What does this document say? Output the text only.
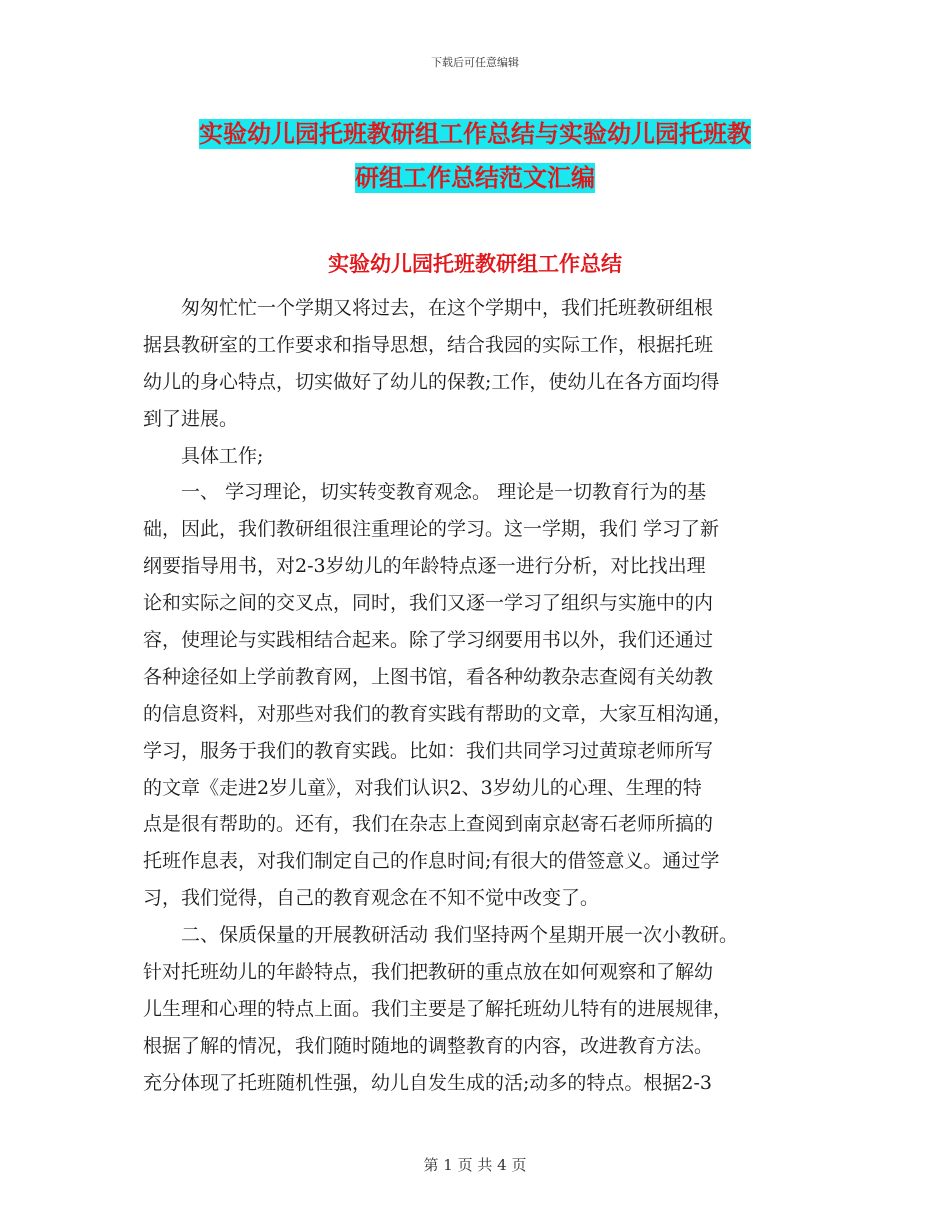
下载后可任意编辑
实验幼儿园托班教研组工作总结与实验幼儿园托班教
研组工作总结范文汇编
实验幼儿园托班教研组工作总结
　　匆匆忙忙一个学期又将过去，在这个学期中，我们托班教研组根
据县教研室的工作要求和指导思想，结合我园的实际工作，根据托班
幼儿的身心特点，切实做好了幼儿的保教;工作，使幼儿在各方面均得
到了进展。
　　具体工作;
　　一、 学习理论，切实转变教育观念。 理论是一切教育行为的基
础，因此，我们教研组很注重理论的学习。这一学期，我们 学习了新
纲要指导用书，对2-3岁幼儿的年龄特点逐一进行分析，对比找出理
论和实际之间的交叉点，同时，我们又逐一学习了组织与实施中的内
容，使理论与实践相结合起来。除了学习纲要用书以外，我们还通过
各种途径如上学前教育网，上图书馆，看各种幼教杂志查阅有关幼教
的信息资料，对那些对我们的教育实践有帮助的文章，大家互相沟通，
学习，服务于我们的教育实践。比如：我们共同学习过黄琼老师所写
的文章《走进2岁儿童》，对我们认识2、3岁幼儿的心理、生理的特
点是很有帮助的。还有，我们在杂志上查阅到南京赵寄石老师所搞的
托班作息表，对我们制定自己的作息时间;有很大的借签意义。通过学
习，我们觉得，自己的教育观念在不知不觉中改变了。
　　二、保质保量的开展教研活动 我们坚持两个星期开展一次小教研。
针对托班幼儿的年龄特点，我们把教研的重点放在如何观察和了解幼
儿生理和心理的特点上面。我们主要是了解托班幼儿特有的进展规律，
根据了解的情况，我们随时随地的调整教育的内容，改进教育方法。
充分体现了托班随机性强，幼儿自发生成的活;动多的特点。根据2-3
第 1 页 共 4 页
